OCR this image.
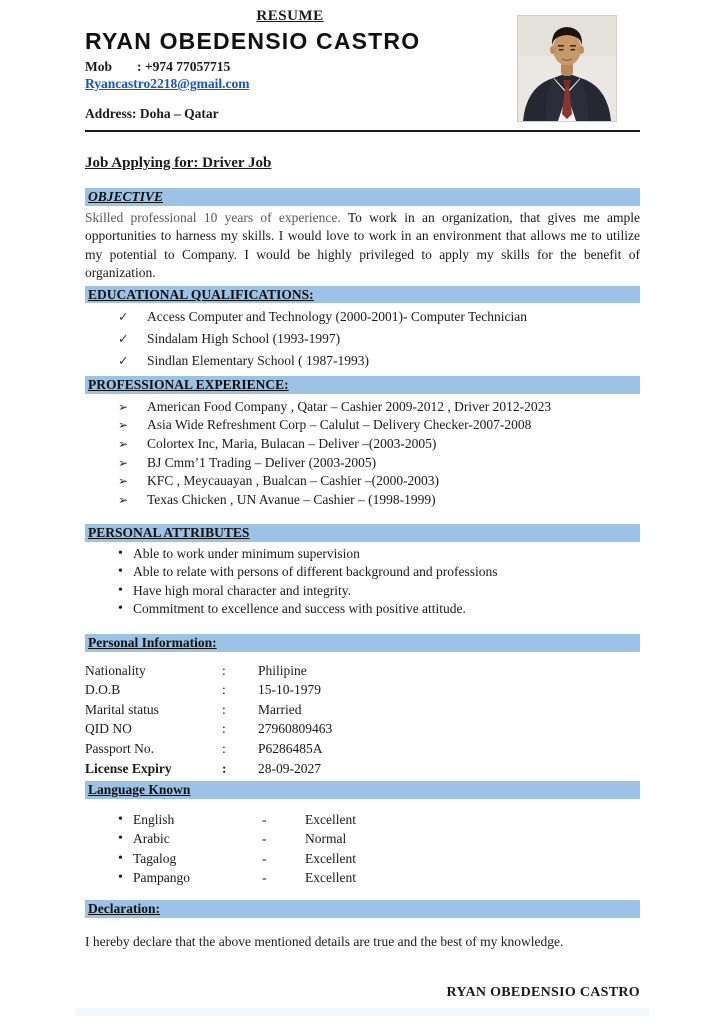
RESUME
RYAN OBEDENSIO CASTRO
Mob : +974 77057715
Ryancastro2218@gmail.com
Address: Doha – Qatar
Job Applying for: Driver Job
OBJECTIVE

Skilled professional 10 years of experience. To work in an organization, that gives me ample opportunities to harness my skills. I would love to work in an environment that allows me to utilize my potential to Company. I would be highly privileged to apply my skills for the benefit of organization.

EDUCATIONAL QUALIFICATIONS:
✓ Access Computer and Technology (2000-2001)- Computer Technician
✓ Sindalam High School (1993-1997)
✓ Sindlan Elementary School ( 1987-1993)
PROFESSIONAL EXPERIENCE:
➢ American Food Company , Qatar – Cashier 2009-2012 , Driver 2012-2023
➢ Asia Wide Refreshment Corp – Calulut – Delivery Checker-2007-2008
➢ Colortex Inc, Maria, Bulacan – Deliver –(2003-2005)
➢ BJ Cmm’1 Trading – Deliver (2003-2005)
➢ KFC , Meycauayan , Bualcan – Cashier –(2000-2003)
➢ Texas Chicken , UN Avanue – Cashier – (1998-1999)
PERSONAL ATTRIBUTES
• Able to work under minimum supervision
• Able to relate with persons of different background and professions
• Have high moral character and integrity.
• Commitment to excellence and success with positive attitude.
Personal Information:
Nationality	:	Philipine
D.O.B	:	15-10-1979
Marital status	:	Married
QID NO	:	27960809463
Passport No.	:	P6286485A
License Expiry	:	28-09-2027
Language Known
• English	-	Excellent
• Arabic	-	Normal
• Tagalog	-	Excellent
• Pampango	-	Excellent
Declaration:
I hereby declare that the above mentioned details are true and the best of my knowledge.
RYAN OBEDENSIO CASTRO
